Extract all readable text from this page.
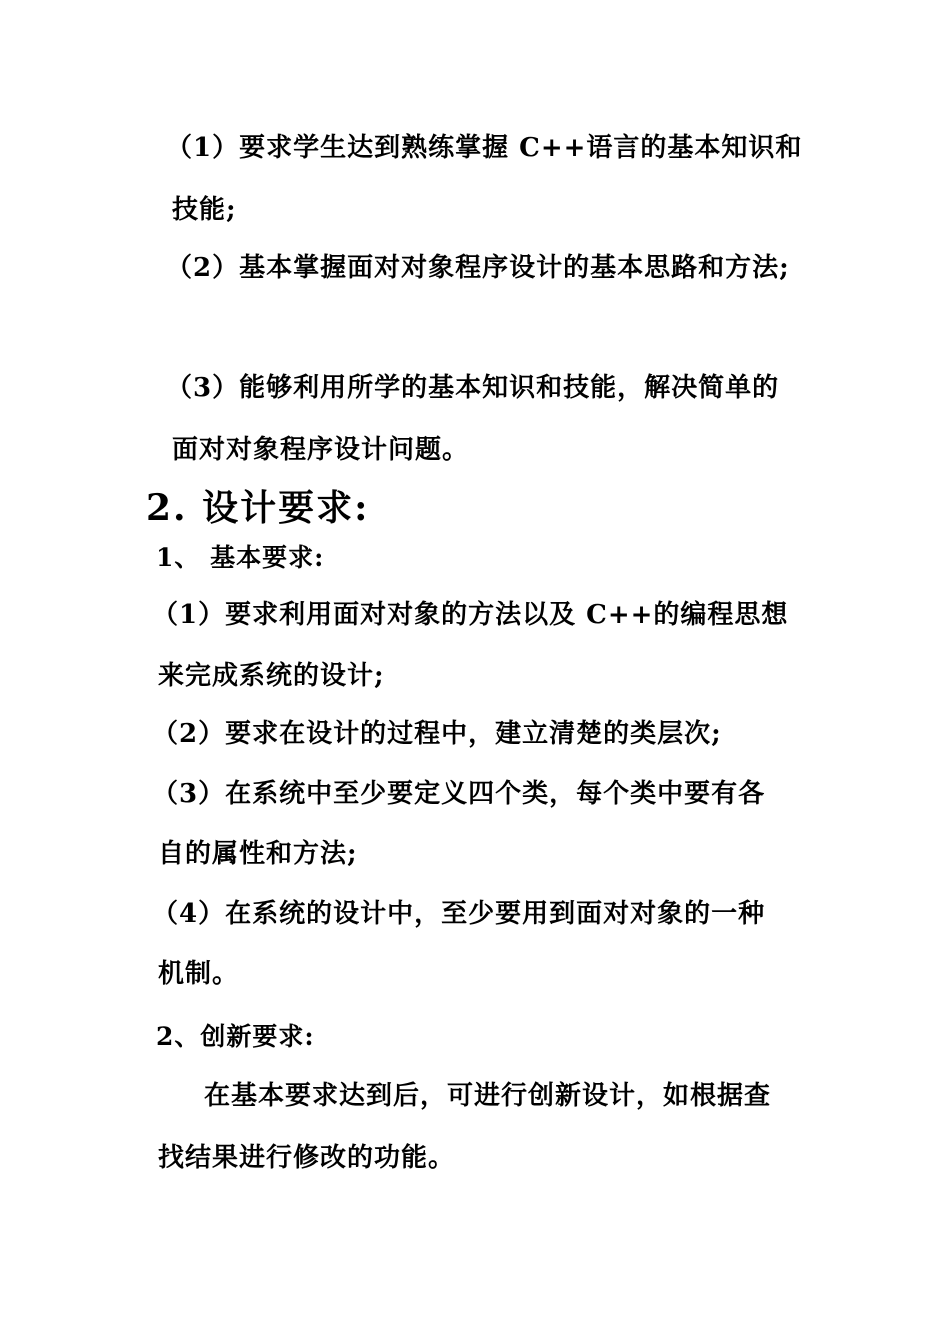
（1）要求学生达到熟练掌握 C++语言的基本知识和
技能;
（2）基本掌握面对对象程序设计的基本思路和方法;
（3）能够利用所学的基本知识和技能，解决简单的
面对对象程序设计问题。
2. 设计要求:
1、 基本要求:
（1）要求利用面对对象的方法以及 C++的编程思想
来完成系统的设计;
（2）要求在设计的过程中，建立清楚的类层次;
（3）在系统中至少要定义四个类，每个类中要有各
自的属性和方法;
（4）在系统的设计中，至少要用到面对对象的一种
机制。
2、创新要求:
在基本要求达到后，可进行创新设计，如根据查
找结果进行修改的功能。
